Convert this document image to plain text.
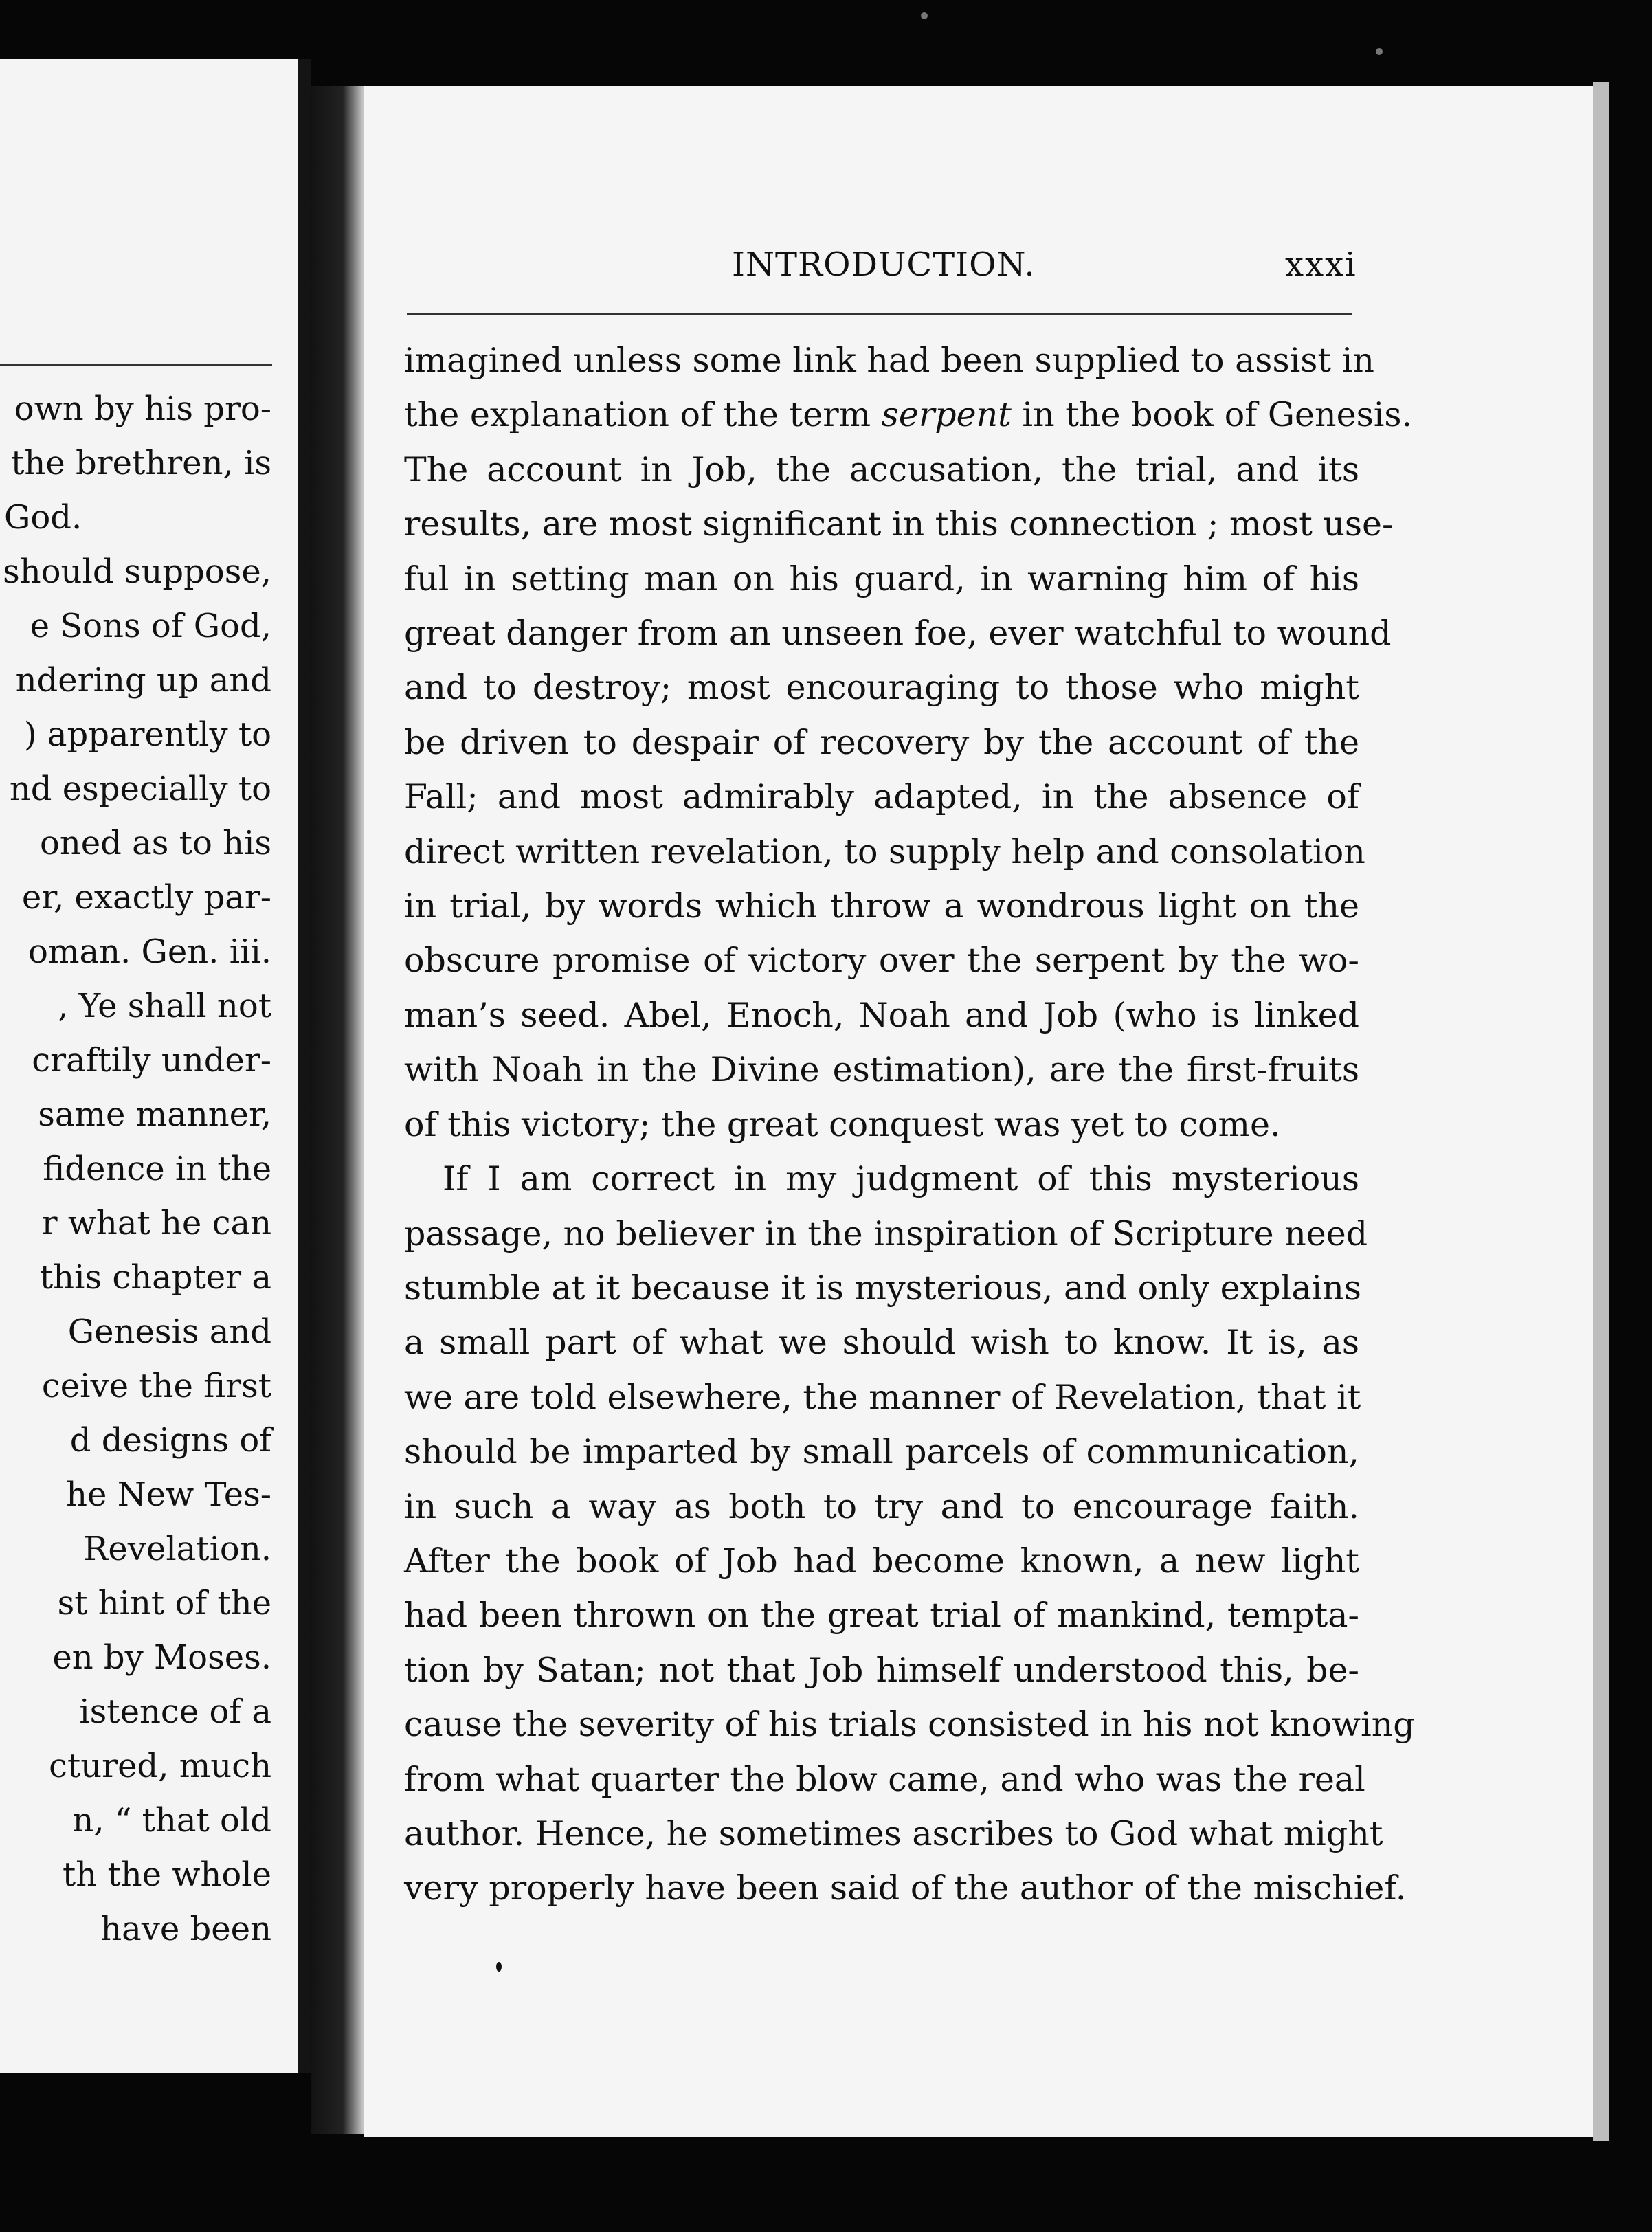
own by his pro-
the brethren, is
God.
should suppose,
e Sons of God,
ndering up and
) apparently to
nd especially to
oned as to his
er, exactly par-
oman. Gen. iii.
, Ye shall not
craftily under-
same manner,
fidence in the
r what he can
this chapter a
Genesis and
ceive the first
d designs of
he New Tes-
Revelation.
st hint of the
en by Moses.
istence of a
ctured, much
n, “ that old
th the whole
have been
INTRODUCTION.	xxxi

imagined unless some link had been supplied to assist in

the explanation of the term serpent in the book of Genesis.

The account in Job, the accusation, the trial, and its

results, are most significant in this connection ; most use-

ful in setting man on his guard, in warning him of his

great danger from an unseen foe, ever watchful to wound

and to destroy; most encouraging to those who might

be driven to despair of recovery by the account of the

Fall; and most admirably adapted, in the absence of

direct written revelation, to supply help and consolation

in trial, by words which throw a wondrous light on the

obscure promise of victory over the serpent by the wo-

man’s seed. Abel, Enoch, Noah and Job (who is linked

with Noah in the Divine estimation), are the first-fruits

of this victory; the great conquest was yet to come.

If I am correct in my judgment of this mysterious

passage, no believer in the inspiration of Scripture need

stumble at it because it is mysterious, and only explains

a small part of what we should wish to know. It is, as

we are told elsewhere, the manner of Revelation, that it

should be imparted by small parcels of communication,

in such a way as both to try and to encourage faith.

After the book of Job had become known, a new light

had been thrown on the great trial of mankind, tempta-

tion by Satan; not that Job himself understood this, be-

cause the severity of his trials consisted in his not knowing

from what quarter the blow came, and who was the real

author. Hence, he sometimes ascribes to God what might

very properly have been said of the author of the mischief.
